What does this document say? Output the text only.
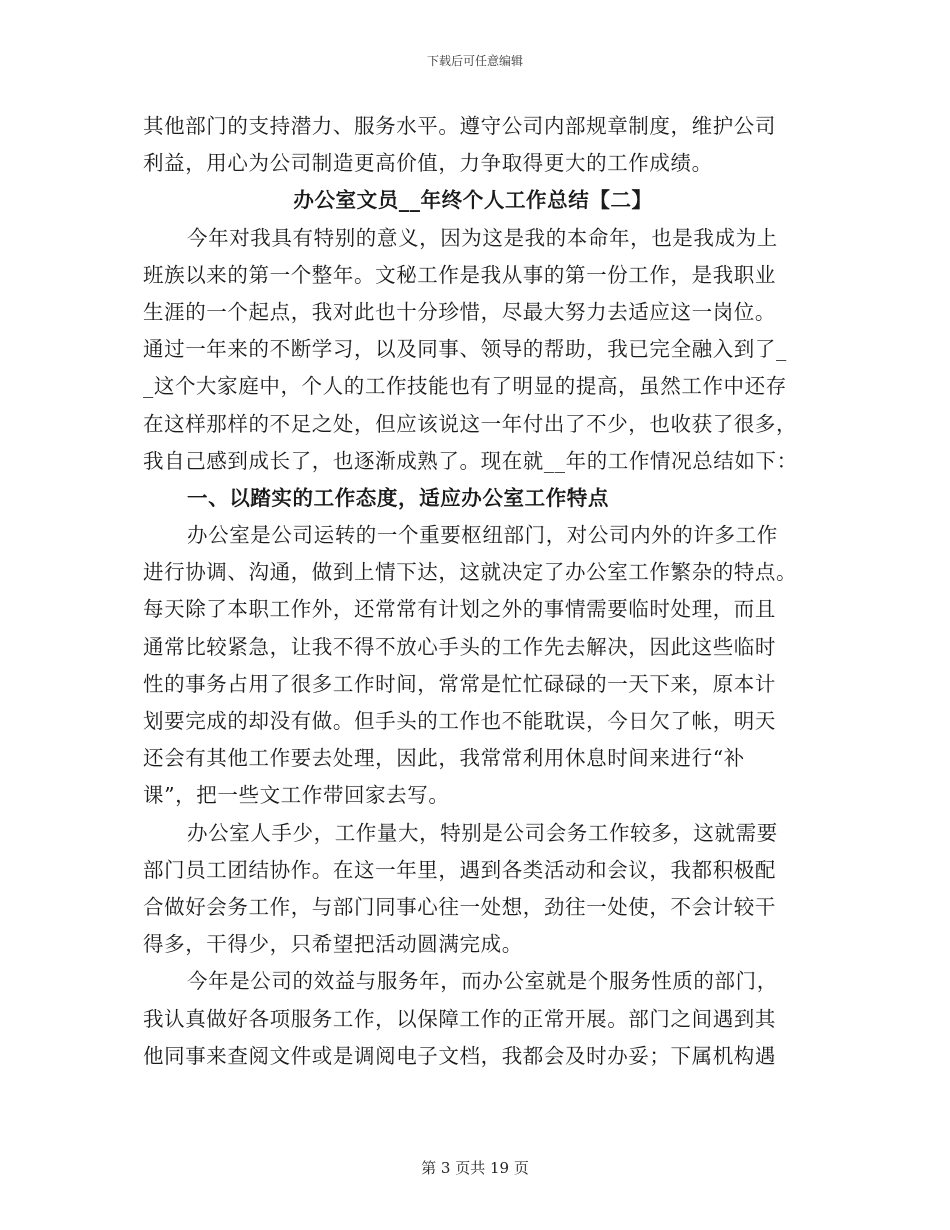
下载后可任意编辑
其他部门的支持潜力、服务水平。遵守公司内部规章制度，维护公司
利益，用心为公司制造更高价值，力争取得更大的工作成绩。
办公室文员__年终个人工作总结【二】
今年对我具有特别的意义，因为这是我的本命年，也是我成为上
班族以来的第一个整年。文秘工作是我从事的第一份工作，是我职业
生涯的一个起点，我对此也十分珍惜，尽最大努力去适应这一岗位。
通过一年来的不断学习，以及同事、领导的帮助，我已完全融入到了_
_这个大家庭中，个人的工作技能也有了明显的提高，虽然工作中还存
在这样那样的不足之处，但应该说这一年付出了不少，也收获了很多，
我自己感到成长了，也逐渐成熟了。现在就__年的工作情况总结如下：
一、以踏实的工作态度，适应办公室工作特点
办公室是公司运转的一个重要枢纽部门，对公司内外的许多工作
进行协调、沟通，做到上情下达，这就决定了办公室工作繁杂的特点。
每天除了本职工作外，还常常有计划之外的事情需要临时处理，而且
通常比较紧急，让我不得不放心手头的工作先去解决，因此这些临时
性的事务占用了很多工作时间，常常是忙忙碌碌的一天下来，原本计
划要完成的却没有做。但手头的工作也不能耽误，今日欠了帐，明天
还会有其他工作要去处理，因此，我常常利用休息时间来进行“补
课”，把一些文工作带回家去写。
办公室人手少，工作量大，特别是公司会务工作较多，这就需要
部门员工团结协作。在这一年里，遇到各类活动和会议，我都积极配
合做好会务工作，与部门同事心往一处想，劲往一处使，不会计较干
得多，干得少，只希望把活动圆满完成。
今年是公司的效益与服务年，而办公室就是个服务性质的部门，
我认真做好各项服务工作，以保障工作的正常开展。部门之间遇到其
他同事来查阅文件或是调阅电子文档，我都会及时办妥；下属机构遇
第 3 页共 19 页
